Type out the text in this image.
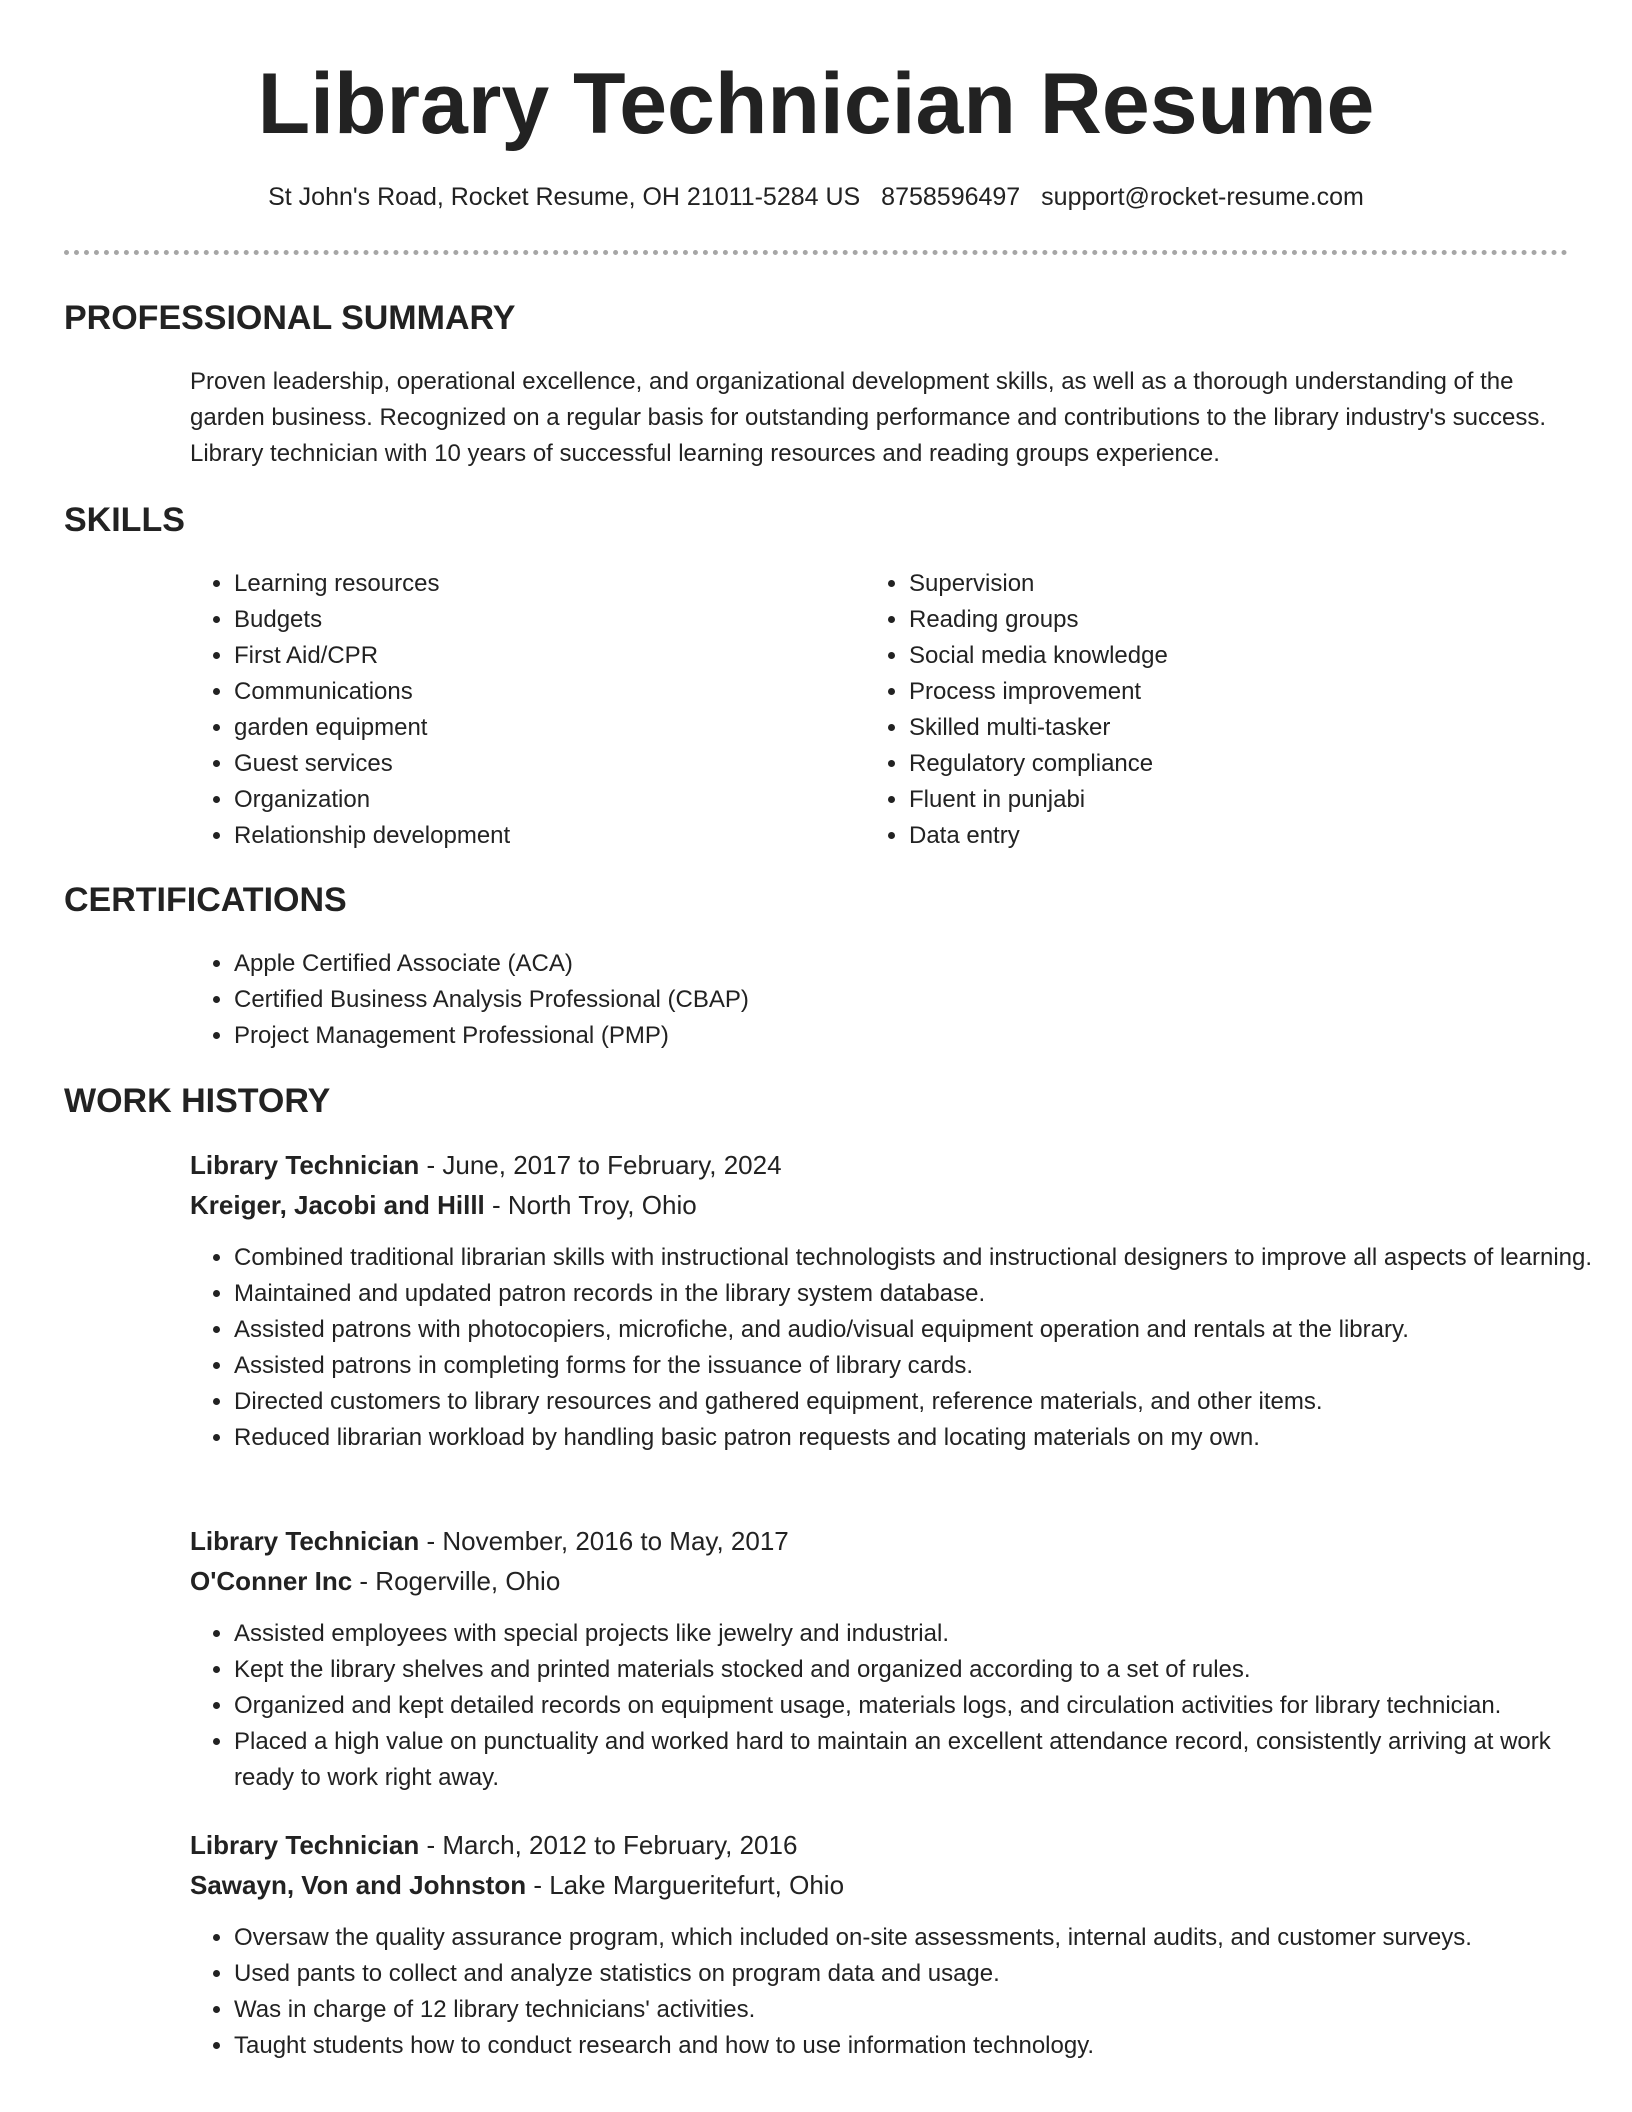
Library Technician Resume
St John's Road, Rocket Resume, OH 21011-5284 US 8758596497 support@rocket-resume.com
PROFESSIONAL SUMMARY

Proven leadership, operational excellence, and organizational development skills, as well as a thorough understanding of the garden business. Recognized on a regular basis for outstanding performance and contributions to the library industry's success. Library technician with 10 years of successful learning resources and reading groups experience.

SKILLS
• Learning resources
• Budgets
• First Aid/CPR
• Communications
• garden equipment
• Guest services
• Organization
• Relationship development
• Supervision
• Reading groups
• Social media knowledge
• Process improvement
• Skilled multi-tasker
• Regulatory compliance
• Fluent in punjabi
• Data entry
CERTIFICATIONS
• Apple Certified Associate (ACA)
• Certified Business Analysis Professional (CBAP)
• Project Management Professional (PMP)
WORK HISTORY
Library Technician - June, 2017 to February, 2024
Kreiger, Jacobi and Hilll - North Troy, Ohio
• Combined traditional librarian skills with instructional technologists and instructional designers to improve all aspects of learning.
• Maintained and updated patron records in the library system database.
• Assisted patrons with photocopiers, microfiche, and audio/visual equipment operation and rentals at the library.
• Assisted patrons in completing forms for the issuance of library cards.
• Directed customers to library resources and gathered equipment, reference materials, and other items.
• Reduced librarian workload by handling basic patron requests and locating materials on my own.
Library Technician - November, 2016 to May, 2017
O'Conner Inc - Rogerville, Ohio
• Assisted employees with special projects like jewelry and industrial.
• Kept the library shelves and printed materials stocked and organized according to a set of rules.
• Organized and kept detailed records on equipment usage, materials logs, and circulation activities for library technician.
• Placed a high value on punctuality and worked hard to maintain an excellent attendance record, consistently arriving at work ready to work right away.
Library Technician - March, 2012 to February, 2016
Sawayn, Von and Johnston - Lake Margueritefurt, Ohio
• Oversaw the quality assurance program, which included on-site assessments, internal audits, and customer surveys.
• Used pants to collect and analyze statistics on program data and usage.
• Was in charge of 12 library technicians' activities.
• Taught students how to conduct research and how to use information technology.
